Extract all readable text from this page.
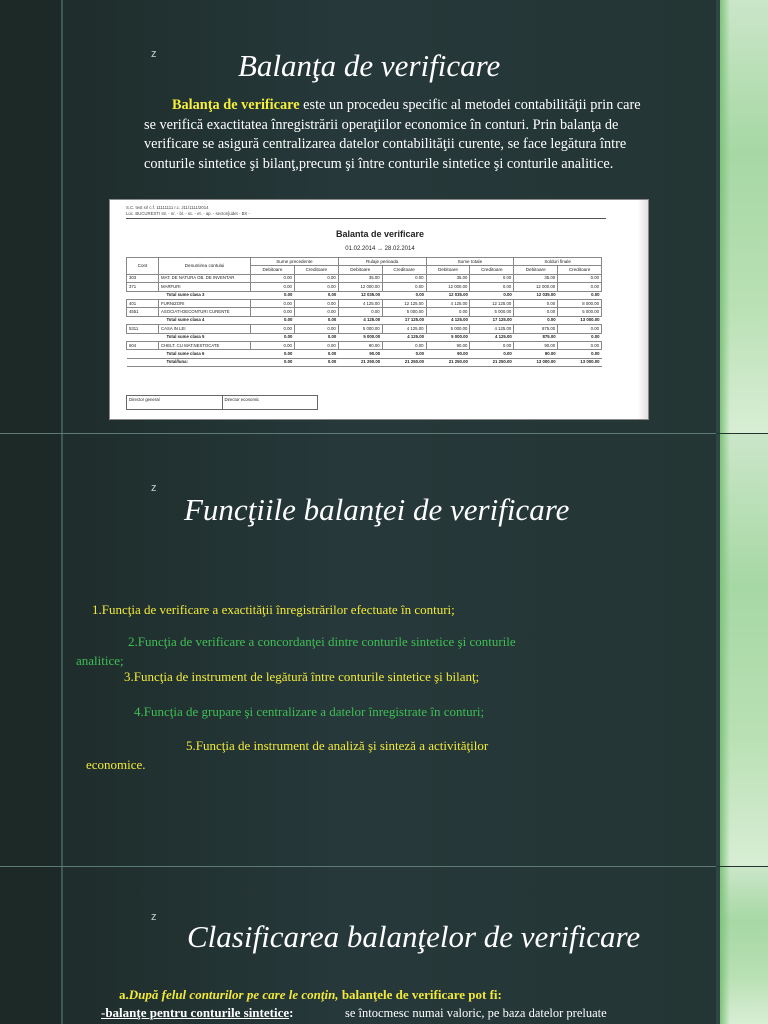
z	Balanţa de verificare
Balanţa de verificare este un procedeu specific al metodei contabilităţii prin care se verifică exactitatea înregistrării operaţiilor economice în conturi. Prin balanţa de verificare se asigură centralizarea datelor contabilităţii curente, se face legătura între conturile sintetice şi bilanţ,precum şi între conturile sintetice şi conturile analitice.
S.C. test srl c.f. 11111111 r.c. J11/1111/2014
Loc. BUCURESTI str. - nr. - bl. - sc. - et. - ap. - sector/judet - BX -
Balanta de verificare
01.02.2014 → 28.02.2014
Cont	Denumirea contului	Sume precedente		Rulaje perioada		Sume totale		Solduri finale	
		Debitoare	Creditoare	Debitoare	Creditoare	Debitoare	Creditoare	Debitoare	Creditoare
303	MAT. DE NATURA OB. DE INVENTAR	0.00	0.00	35.00	0.00	35.00	0.00	35.00	0.00
371	MARFURI	0.00	0.00	12 000.00	0.00	12 000.00	0.00	12 000.00	0.00
	Total sume clasa 3	0.00	0.00	12 035.00	0.00	12 035.00	0.00	12 035.00	0.00
401	FURNIZORI	0.00	0.00	4 125.00	12 125.00	4 125.00	12 125.00	0.00	8 000.00
4551	ASOCIATI-DECONTURI CURENTE	0.00	0.00	0.00	5 000.00	0.00	5 000.00	0.00	5 000.00
	Total sume clasa 4	0.00	0.00	4 125.00	17 125.00	4 125.00	17 125.00	0.00	13 000.00
5311	CASA IN LEI	0.00	0.00	5 000.00	4 125.00	5 000.00	4 125.00	875.00	0.00
	Total sume clasa 5	0.00	0.00	5 000.00	4 125.00	5 000.00	4 125.00	875.00	0.00
604	CHELT. CU MAT.NESTOCATE	0.00	0.00	90.00	0.00	90.00	0.00	90.00	0.00
	Total sume clasa 6	0.00	0.00	90.00	0.00	90.00	0.00	90.00	0.00
	Total/luna:	0.00	0.00	21 250.00	21 250.00	21 250.00	21 250.00	13 000.00	13 000.00
Director general	Director economic
z
Funcţiile balanţei de verificare
1.Funcţia de verificare a exactităţii înregistrărilor efectuate în conturi;
2.Funcţia de verificare a concordanţei dintre conturile sintetice şi conturile
analitice;
3.Funcţia de instrument de legătură între conturile sintetice şi bilanţ;
4.Funcţia de grupare şi centralizare a datelor înregistrate în conturi;
5.Funcţia de instrument de analiză şi sinteză a activităţilor
economice.
z
Clasificarea balanţelor de verificare
a.După felul conturilor pe care le conţin, balanţele de verificare pot fi:
-balanţe pentru conturile sintetice:	se întocmesc numai valoric, pe baza datelor preluate
